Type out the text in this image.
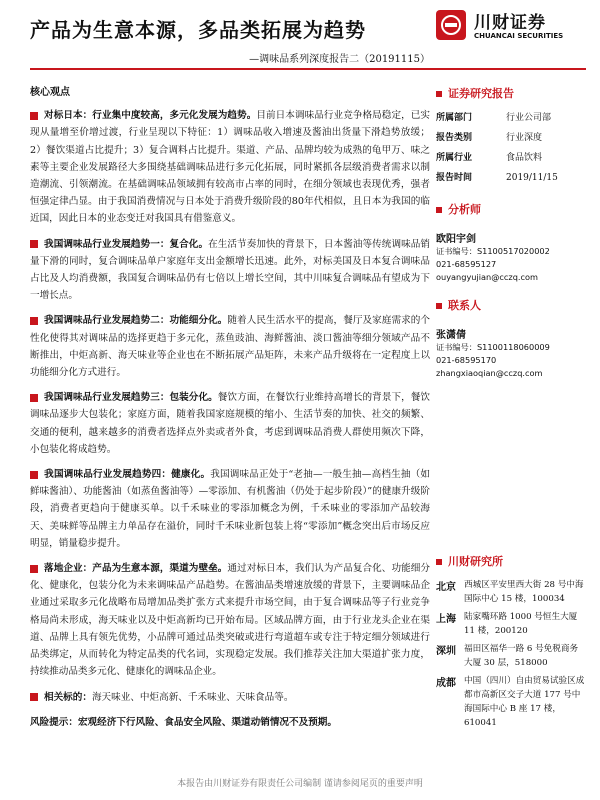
产品为生意本源，多品类拓展为趋势
—调味品系列深度报告二（20191115）
川财证券
CHUANCAI SECURITIES
核心观点

对标日本：行业集中度较高，多元化发展为趋势。目前日本调味品行业竞争格局稳定，已实现从量增至价增过渡，行业呈现以下特征：1）调味品收入增速及酱油出货量下滑趋势放缓；2）餐饮渠道占比提升；3）复合调料占比提升。渠道、产品、品牌均较为成熟的龟甲万、味之素等主要企业发展路径大多围绕基础调味品进行多元化拓展，同时紧抓各层级消费者需求以制造潮流、引领潮流。在基础调味品领域拥有较高市占率的同时，在细分领域也表现优秀，强者恒强定律凸显。由于我国消费情况与日本处于消费升级阶段的80年代相似，且日本为我国的临近国，因此日本的业态变迁对我国具有借鉴意义。

我国调味品行业发展趋势一：复合化。在生活节奏加快的背景下，日本酱油等传统调味品销量下滑的同时，复合调味品单户家庭年支出金额增长迅速。此外，对标美国及日本复合调味品占比及人均消费额，我国复合调味品仍有七倍以上增长空间，其中川味复合调味品有望成为下一增长点。

我国调味品行业发展趋势二：功能细分化。随着人民生活水平的提高，餐厅及家庭需求的个性化使得其对调味品的选择更趋于多元化，蒸鱼豉油、海鲜酱油、淡口酱油等细分领域产品不断推出，中炬高新、海天味业等企业也在不断拓展产品矩阵，未来产品升级将在一定程度上以功能细分化方式进行。

我国调味品行业发展趋势三：包装分化。餐饮方面，在餐饮行业维持高增长的背景下，餐饮调味品逐步大包装化；家庭方面，随着我国家庭规模的缩小、生活节奏的加快、社交的频繁、交通的便利，越来越多的消费者选择点外卖或者外食，考虑到调味品消费人群使用频次下降，小包装化将成趋势。

我国调味品行业发展趋势四：健康化。我国调味品正处于“老抽—一般生抽—高档生抽（如鲜味酱油）、功能酱油（如蒸鱼酱油等）—零添加、有机酱油（仍处于起步阶段）”的健康升级阶段，消费者更趋向于健康买单。以千禾味业的零添加概念为例，千禾味业的零添加产品较海天、美味鲜等品牌主力单品存在溢价，同时千禾味业新包装上将“零添加”概念突出后市场反应明显，销量稳步提升。

落地企业：产品为生意本源，渠道为壁垒。通过对标日本，我们认为产品复合化、功能细分化、健康化，包装分化为未来调味品产品趋势。在酱油品类增速放缓的背景下，主要调味品企业通过采取多元化战略布局增加品类扩张方式来提升市场空间，由于复合调味品等子行业竞争格局尚未形成，海天味业以及中炬高新均已开始布局。区域品牌方面，由于行业龙头企业在渠道、品牌上具有领先优势，小品牌可通过品类突破或进行弯道超车或专注于特定细分领域进行品类绑定，从而转化为特定品类的代名词，实现稳定发展。我们推荐关注加大渠道扩张力度，持续推动品类多元化、健康化的调味品企业。

相关标的：海天味业、中炬高新、千禾味业、天味食品等。

风险提示：宏观经济下行风险、食品安全风险、渠道动销情况不及预期。
证券研究报告
所属部门	行业公司部
报告类别	行业深度
所属行业	食品饮料
报告时间	2019/11/15
分析师
欧阳宇剑
证书编号：S1100517020002
021-68595127
ouyangyujian@cczq.com
联系人
张潇倩
证书编号：S1100118060009
021-68595170
zhangxiaoqian@cczq.com
川财研究所
北京 西城区平安里西大街 28 号中海国际中心 15 楼，100034
上海 陆家嘴环路 1000 号恒生大厦 11 楼，200120
深圳 福田区福华一路 6 号免税商务大厦 30 层，518000
成都 中国（四川）自由贸易试验区成都市高新区交子大道 177 号中海国际中心 B 座 17 楼，610041
本报告由川财证券有限责任公司编制 谨请参阅尾页的重要声明
